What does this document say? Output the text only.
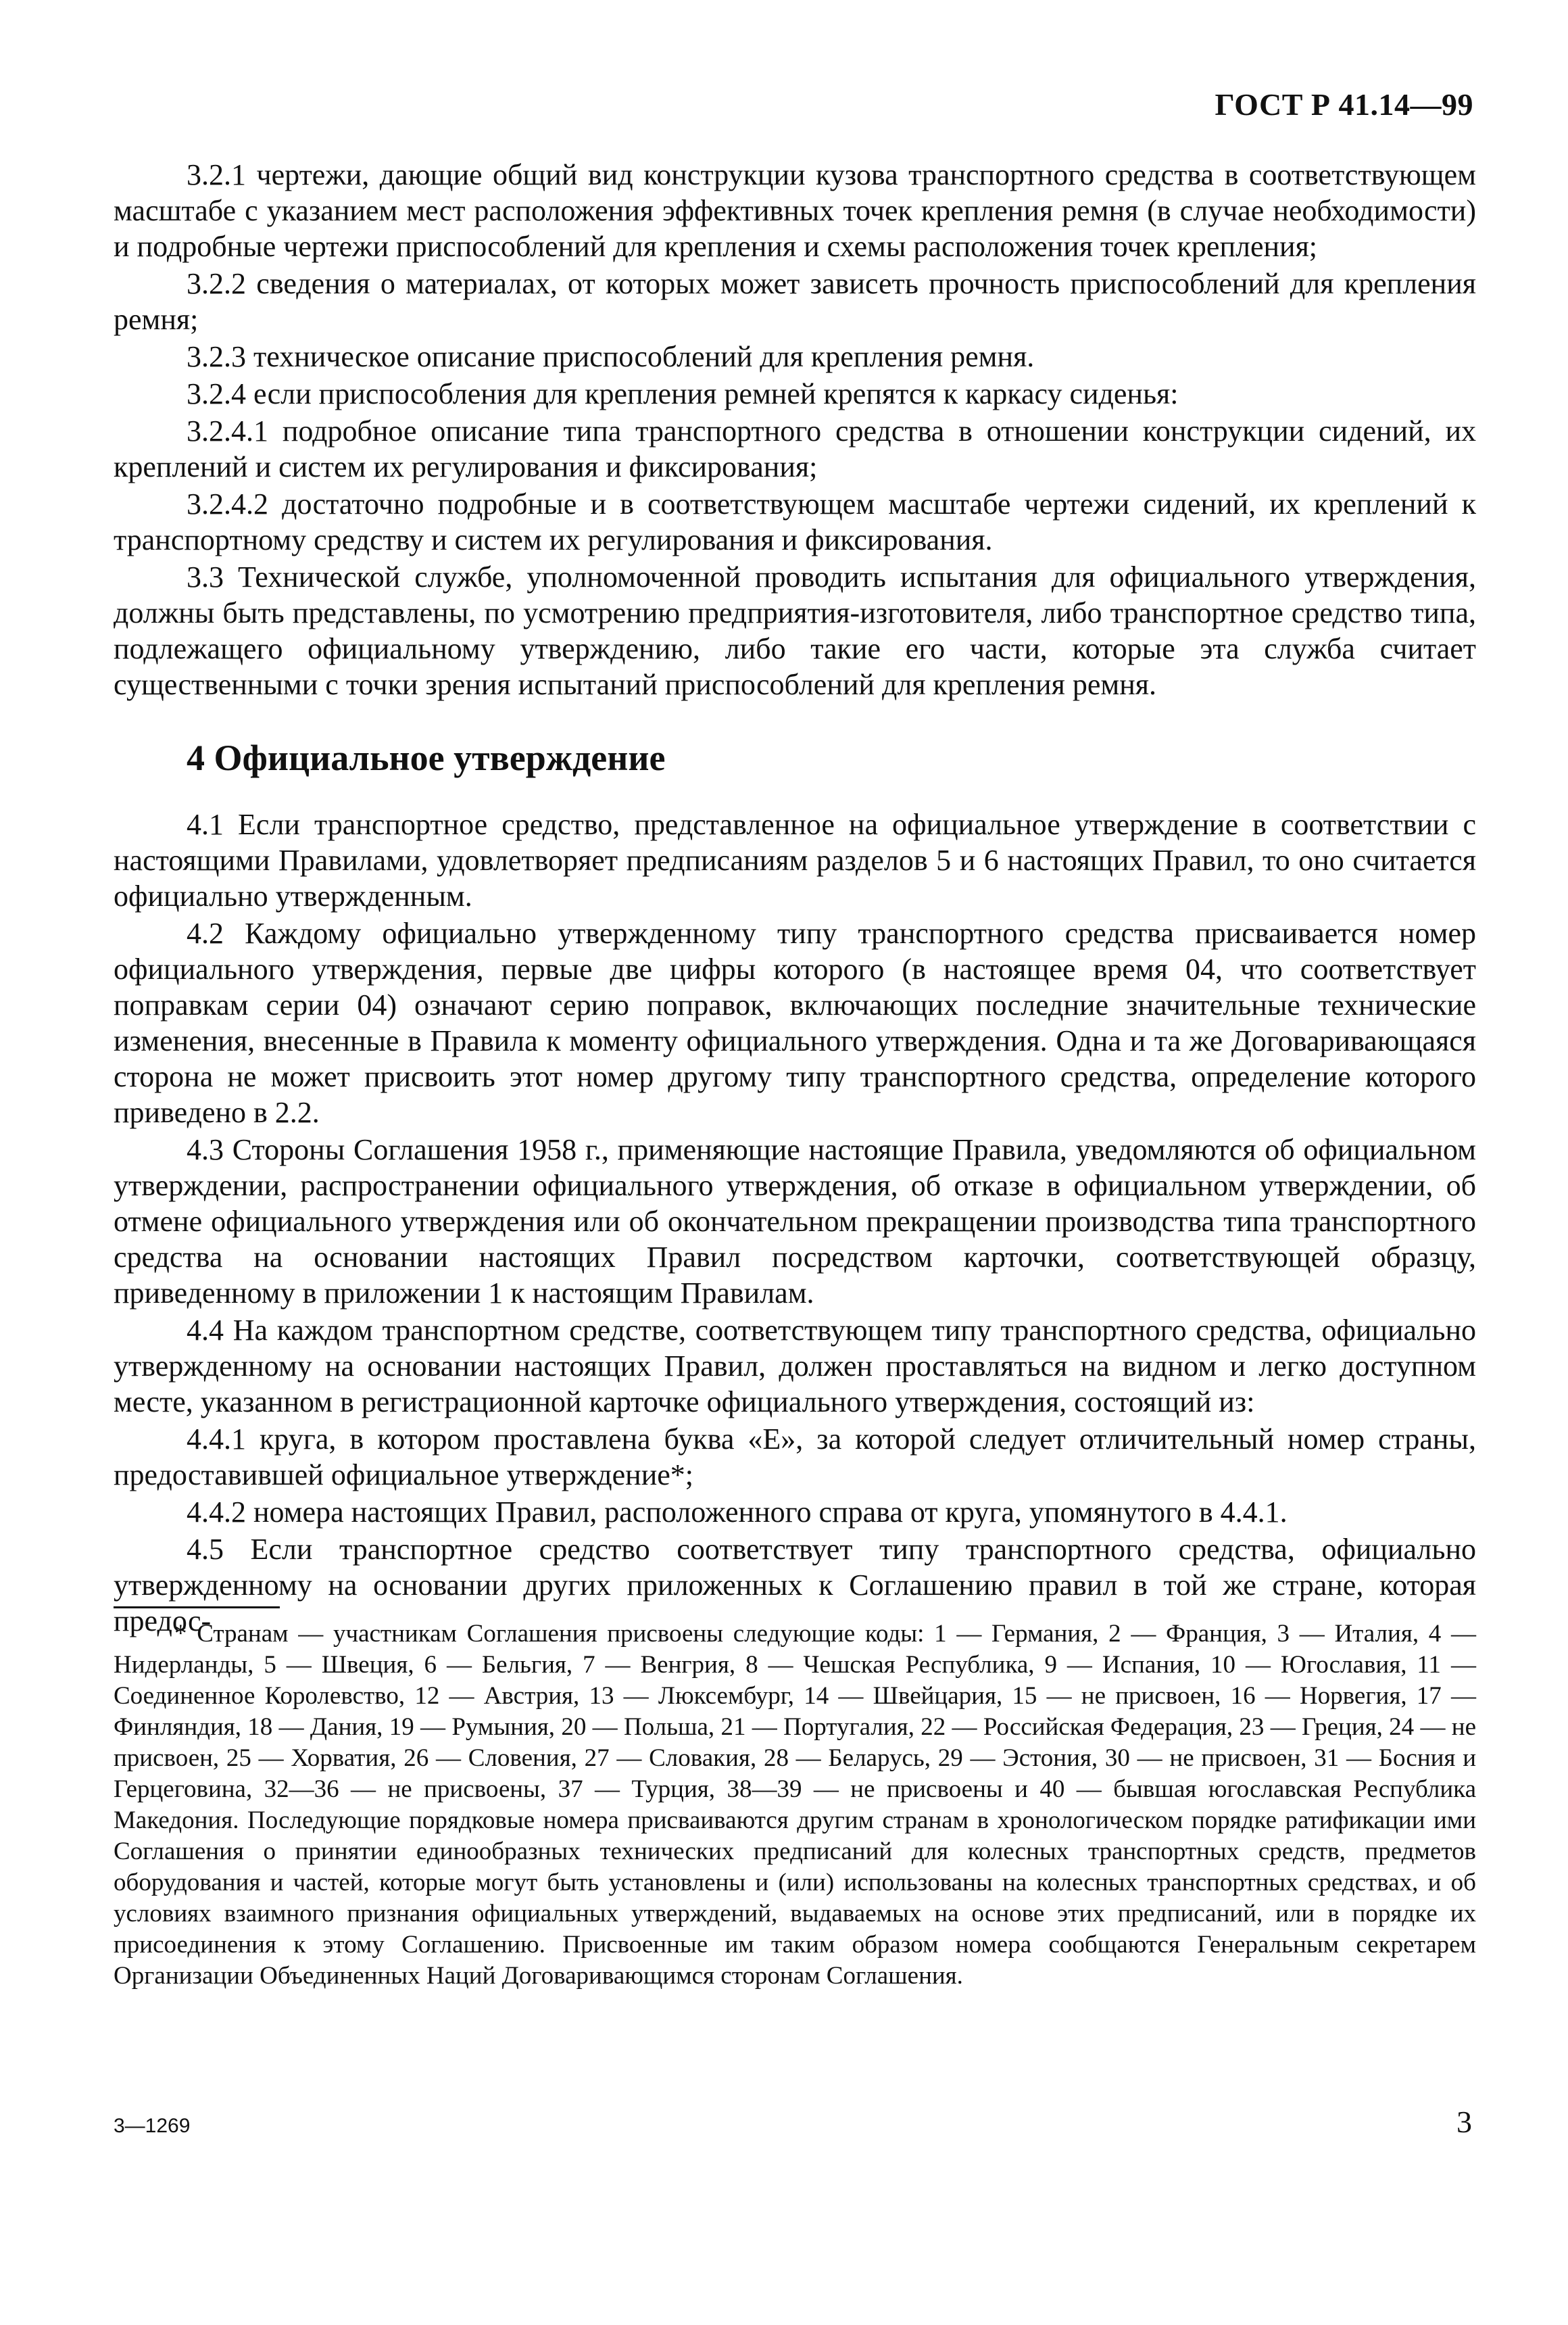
ГОСТ Р 41.14—99

3.2.1 чертежи, дающие общий вид конструкции кузова транспортного средства в соответствующем масштабе с указанием мест расположения эффективных точек крепления ремня (в случае необходимости) и подробные чертежи приспособлений для крепления и схемы расположения точек крепления;

3.2.2 сведения о материалах, от которых может зависеть прочность приспособлений для крепления ремня;

3.2.3 техническое описание приспособлений для крепления ремня.

3.2.4 если приспособления для крепления ремней крепятся к каркасу сиденья:

3.2.4.1 подробное описание типа транспортного средства в отношении конструкции сидений, их креплений и систем их регулирования и фиксирования;

3.2.4.2 достаточно подробные и в соответствующем масштабе чертежи сидений, их креплений к транспортному средству и систем их регулирования и фиксирования.

3.3 Технической службе, уполномоченной проводить испытания для официального утверждения, должны быть представлены, по усмотрению предприятия-изготовителя, либо транспортное средство типа, подлежащего официальному утверждению, либо такие его части, которые эта служба считает существенными с точки зрения испытаний приспособлений для крепления ремня.

4 Официальное утверждение

4.1 Если транспортное средство, представленное на официальное утверждение в соответствии с настоящими Правилами, удовлетворяет предписаниям разделов 5 и 6 настоящих Правил, то оно считается официально утвержденным.

4.2 Каждому официально утвержденному типу транспортного средства присваивается номер официального утверждения, первые две цифры которого (в настоящее время 04, что соответствует поправкам серии 04) означают серию поправок, включающих последние значительные технические изменения, внесенные в Правила к моменту официального утверждения. Одна и та же Договаривающаяся сторона не может присвоить этот номер другому типу транспортного средства, определение которого приведено в 2.2.

4.3 Стороны Соглашения 1958 г., применяющие настоящие Правила, уведомляются об официальном утверждении, распространении официального утверждения, об отказе в официальном утверждении, об отмене официального утверждения или об окончательном прекращении производства типа транспортного средства на основании настоящих Правил посредством карточки, соответствующей образцу, приведенному в приложении 1 к настоящим Правилам.

4.4 На каждом транспортном средстве, соответствующем типу транспортного средства, официально утвержденному на основании настоящих Правил, должен проставляться на видном и легко доступном месте, указанном в регистрационной карточке официального утверждения, состоящий из:

4.4.1 круга, в котором проставлена буква «Е», за которой следует отличительный номер страны, предоставившей официальное утверждение*;

4.4.2 номера настоящих Правил, расположенного справа от круга, упомянутого в 4.4.1.

4.5 Если транспортное средство соответствует типу транспортного средства, официально утвержденному на основании других приложенных к Соглашению правил в той же стране, которая предос-

* Странам — участникам Соглашения присвоены следующие коды: 1 — Германия, 2 — Франция, 3 — Италия, 4 — Нидерланды, 5 — Швеция, 6 — Бельгия, 7 — Венгрия, 8 — Чешская Республика, 9 — Испания, 10 — Югославия, 11 — Соединенное Королевство, 12 — Австрия, 13 — Люксембург, 14 — Швейцария, 15 — не присвоен, 16 — Норвегия, 17 — Финляндия, 18 — Дания, 19 — Румыния, 20 — Польша, 21 — Португалия, 22 — Российская Федерация, 23 — Греция, 24 — не присвоен, 25 — Хорватия, 26 — Словения, 27 — Словакия, 28 — Беларусь, 29 — Эстония, 30 — не присвоен, 31 — Босния и Герцеговина, 32—36 — не присвоены, 37 — Турция, 38—39 — не присвоены и 40 — бывшая югославская Республика Македония. Последующие порядковые номера присваиваются другим странам в хронологическом порядке ратификации ими Соглашения о принятии единообразных технических предписаний для колесных транспортных средств, предметов оборудования и частей, которые могут быть установлены и (или) использованы на колесных транспортных средствах, и об условиях взаимного признания официальных утверждений, выдаваемых на основе этих предписаний, или в порядке их присоединения к этому Соглашению. Присвоенные им таким образом номера сообщаются Генеральным секретарем Организации Объединенных Наций Договаривающимся сторонам Соглашения.

3—1269	3
